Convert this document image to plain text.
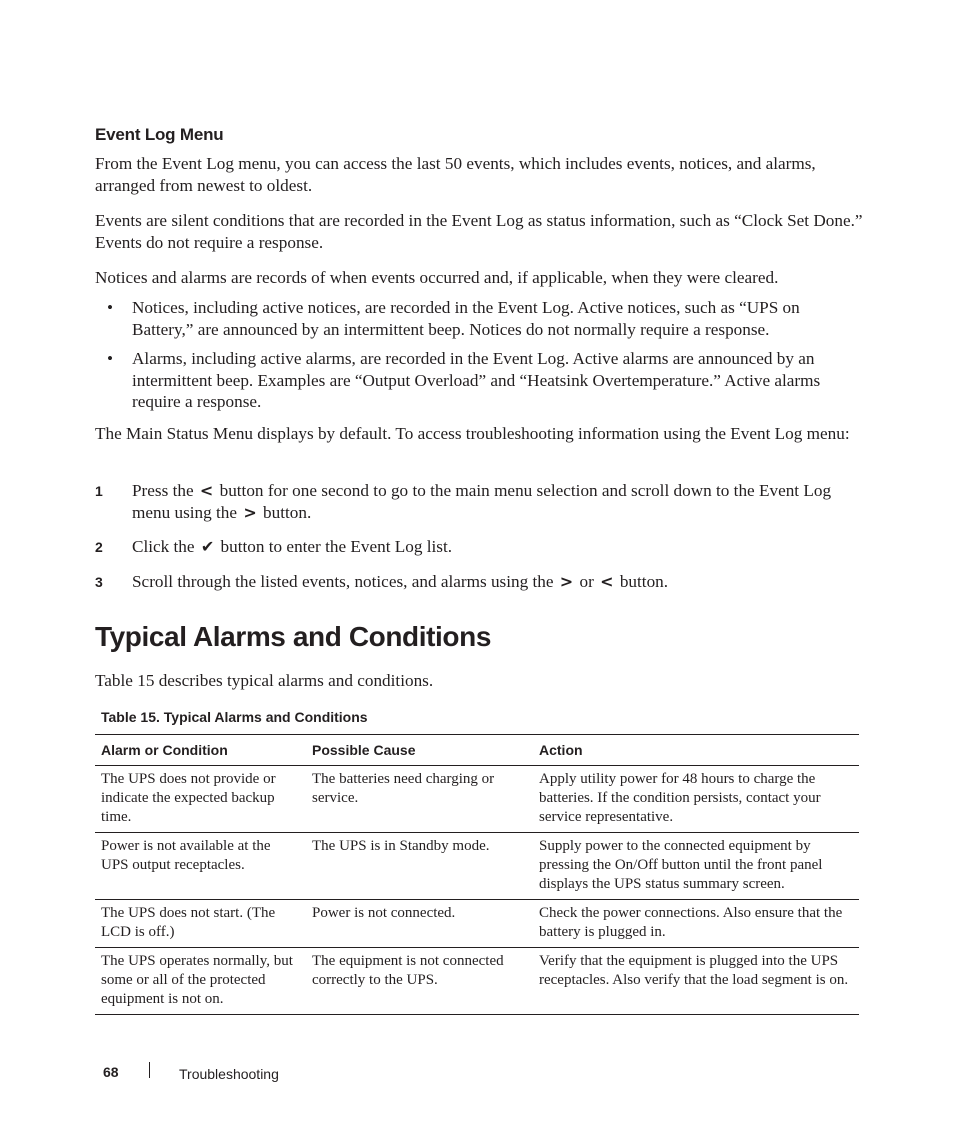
Event Log Menu
From the Event Log menu, you can access the last 50 events, which includes events, notices, and alarms, arranged from newest to oldest.
Events are silent conditions that are recorded in the Event Log as status information, such as “Clock Set Done.” Events do not require a response.
Notices and alarms are records of when events occurred and, if applicable, when they were cleared.
• Notices, including active notices, are recorded in the Event Log. Active notices, such as “UPS on Battery,” are announced by an intermittent beep. Notices do not normally require a response.
• Alarms, including active alarms, are recorded in the Event Log. Active alarms are announced by an intermittent beep. Examples are “Output Overload” and “Heatsink Overtemperature.” Active alarms require a response.
The Main Status Menu displays by default. To access troubleshooting information using the Event Log menu:
1 Press the < button for one second to go to the main menu selection and scroll down to the Event Log menu using the > button.
2 Click the ✔ button to enter the Event Log list.
3 Scroll through the listed events, notices, and alarms using the > or < button.
Typical Alarms and Conditions
Table 15 describes typical alarms and conditions.
Table 15. Typical Alarms and Conditions
Alarm or Condition	Possible Cause	Action
The UPS does not provide or indicate the expected backup time.	The batteries need charging or service.	Apply utility power for 48 hours to charge the batteries. If the condition persists, contact your service representative.
Power is not available at the UPS output receptacles.	The UPS is in Standby mode.	Supply power to the connected equipment by pressing the On/Off button until the front panel displays the UPS status summary screen.
The UPS does not start. (The LCD is off.)	Power is not connected.	Check the power connections. Also ensure that the battery is plugged in.
The UPS operates normally, but some or all of the protected equipment is not on.	The equipment is not connected correctly to the UPS.	Verify that the equipment is plugged into the UPS receptacles. Also verify that the load segment is on.
68	Troubleshooting
